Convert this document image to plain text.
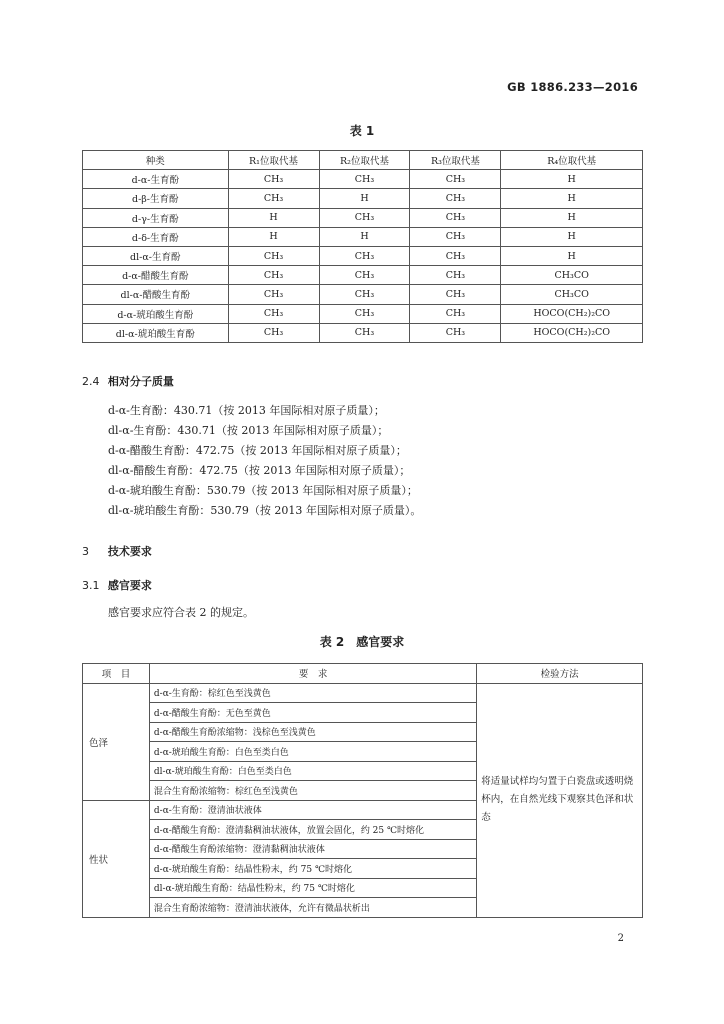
GB 1886.233—2016
表 1
种类	R₁位取代基	R₂位取代基	R₃位取代基	R₄位取代基
d-α-生育酚	CH₃	CH₃	CH₃	H
d-β-生育酚	CH₃	H	CH₃	H
d-γ-生育酚	H	CH₃	CH₃	H
d-δ-生育酚	H	H	CH₃	H
dl-α-生育酚	CH₃	CH₃	CH₃	H
d-α-醋酸生育酚	CH₃	CH₃	CH₃	CH₃CO
dl-α-醋酸生育酚	CH₃	CH₃	CH₃	CH₃CO
d-α-琥珀酸生育酚	CH₃	CH₃	CH₃	HOCO(CH₂)₂CO
dl-α-琥珀酸生育酚	CH₃	CH₃	CH₃	HOCO(CH₂)₂CO
2.4 相对分子质量
d-α-生育酚：430.71（按 2013 年国际相对原子质量）；
dl-α-生育酚：430.71（按 2013 年国际相对原子质量）；
d-α-醋酸生育酚：472.75（按 2013 年国际相对原子质量）；
dl-α-醋酸生育酚：472.75（按 2013 年国际相对原子质量）；
d-α-琥珀酸生育酚：530.79（按 2013 年国际相对原子质量）；
dl-α-琥珀酸生育酚：530.79（按 2013 年国际相对原子质量）。
3 技术要求
3.1 感官要求
感官要求应符合表 2 的规定。
表 2　感官要求
项　目	要　求	检验方法
色泽	d-α-生育酚：棕红色至浅黄色	将适量试样均匀置于白瓷盘或透明烧杯内，在自然光线下观察其色泽和状态
	d-α-醋酸生育酚：无色至黄色	
	d-α-醋酸生育酚浓缩物：浅棕色至浅黄色	
	d-α-琥珀酸生育酚：白色至类白色	
	dl-α-琥珀酸生育酚：白色至类白色	
	混合生育酚浓缩物：棕红色至浅黄色	
性状	d-α-生育酚：澄清油状液体	
	d-α-醋酸生育酚：澄清黏稠油状液体，放置会固化，约 25 ℃时熔化	
	d-α-醋酸生育酚浓缩物：澄清黏稠油状液体	
	d-α-琥珀酸生育酚：结晶性粉末，约 75 ℃时熔化	
	dl-α-琥珀酸生育酚：结晶性粉末，约 75 ℃时熔化	
	混合生育酚浓缩物：澄清油状液体，允许有微晶状析出	
2
